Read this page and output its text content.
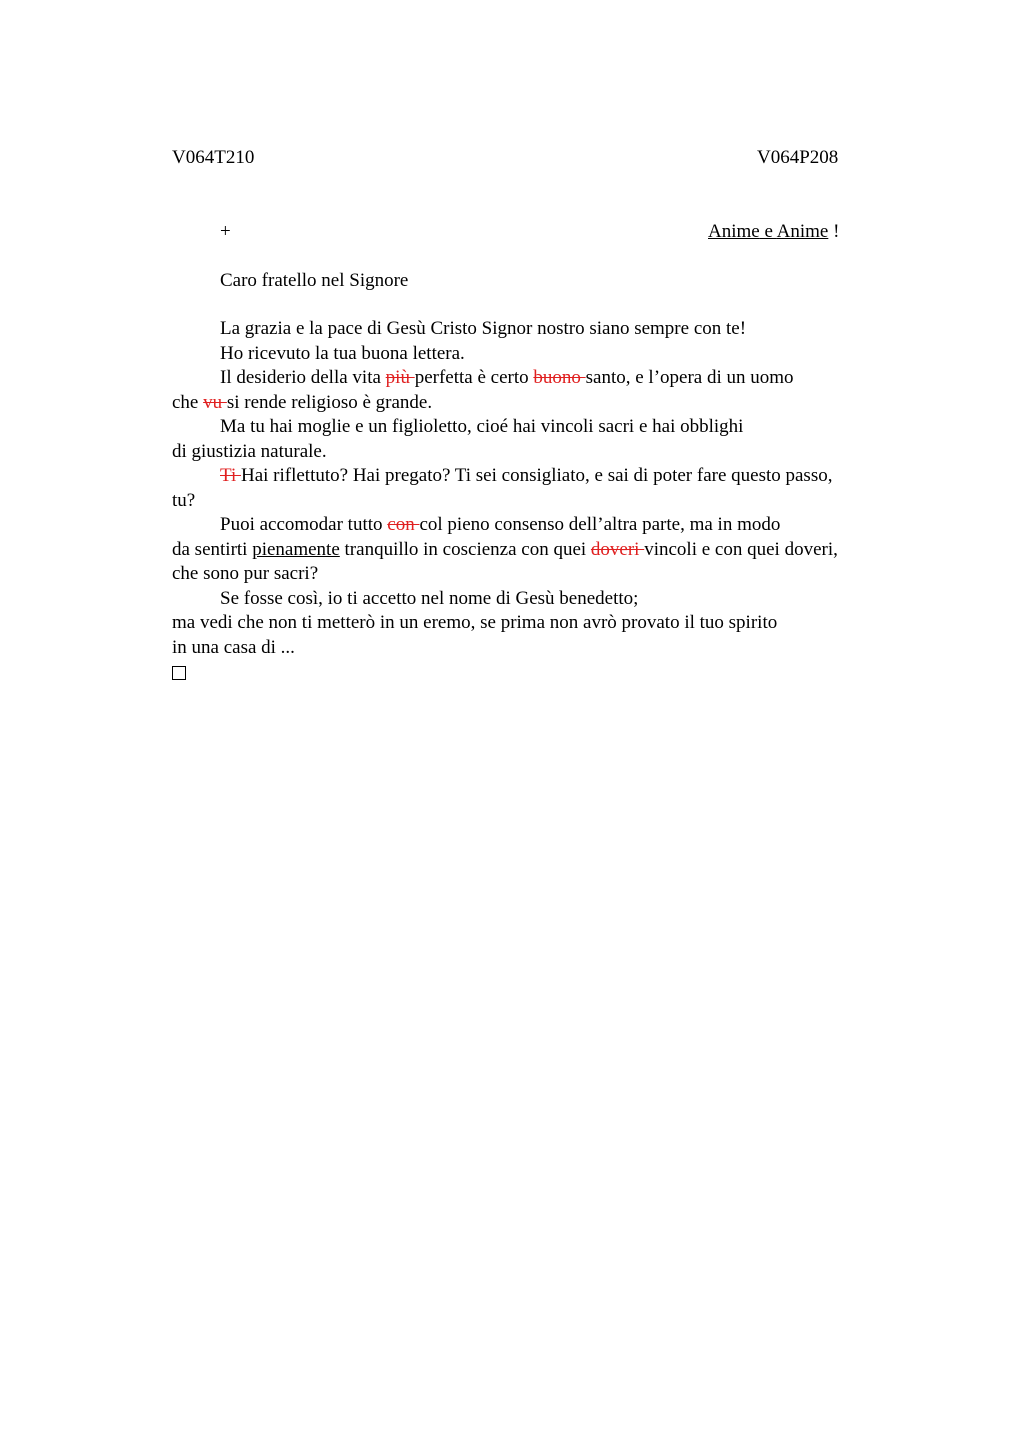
V064T210	V064P208
+	Anime e Anime !
Caro fratello nel Signore
La grazia e la pace di Gesù Cristo Signor nostro siano sempre con te!
Ho ricevuto la tua buona lettera.
Il desiderio della vita più perfetta è certo buono santo, e l’opera di un uomo
che vu si rende religioso è grande.
Ma tu hai moglie e un figlioletto, cioé hai vincoli sacri e hai obblighi
di giustizia naturale.
Ti Hai riflettuto? Hai pregato? Ti sei consigliato, e sai di poter fare questo passo,
tu?
Puoi accomodar tutto con col pieno consenso dell’altra parte, ma in modo
da sentirti pienamente tranquillo in coscienza con quei doveri vincoli e con quei doveri,
che sono pur sacri?
Se fosse così, io ti accetto nel nome di Gesù benedetto;
ma vedi che non ti metterò in un eremo, se prima non avrò provato il tuo spirito
in una casa di ...
